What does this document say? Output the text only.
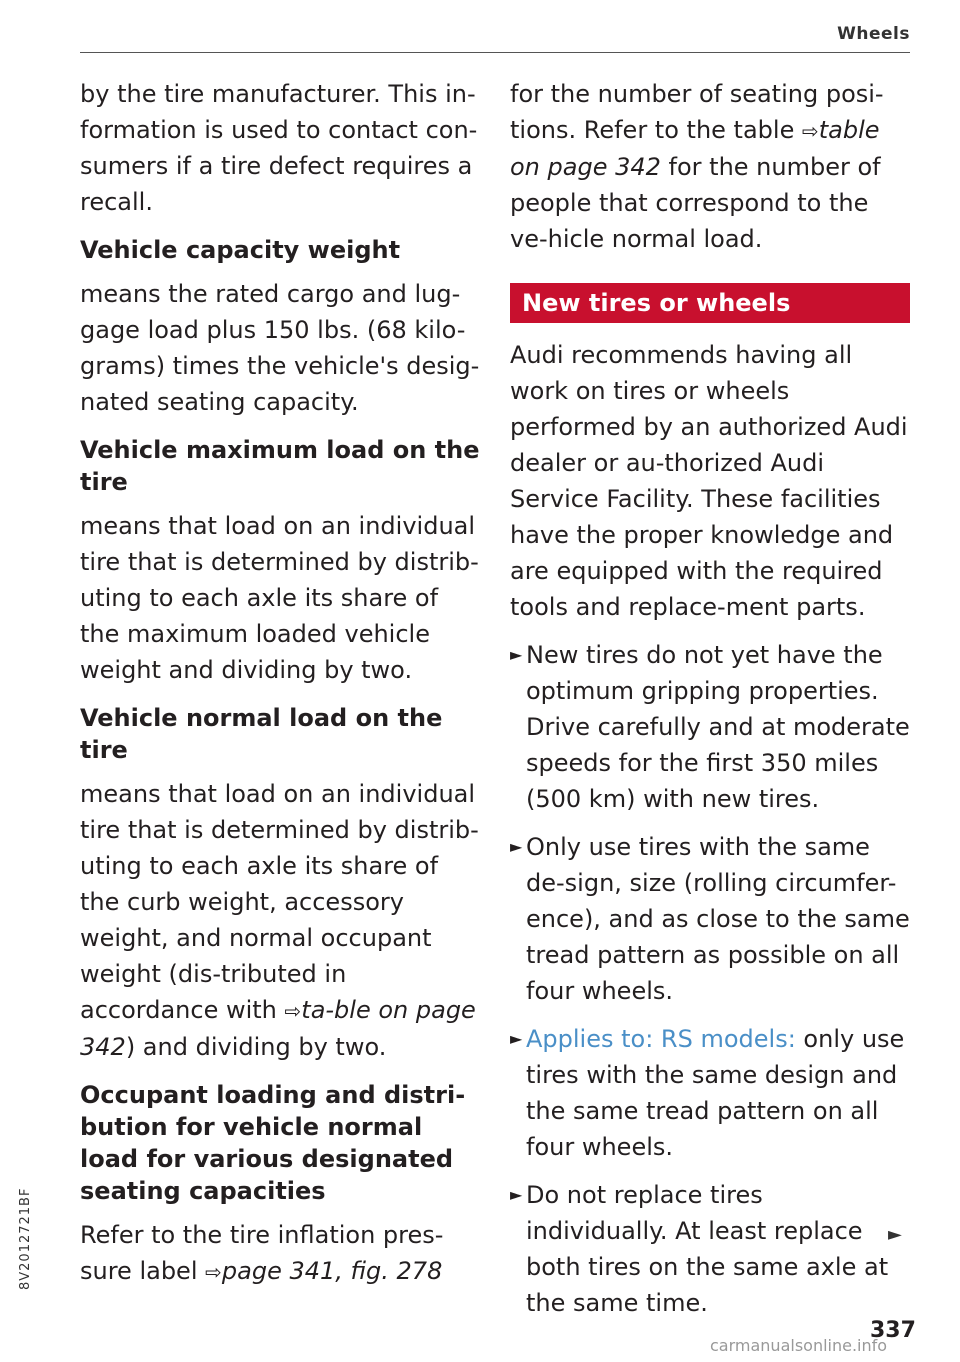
Wheels

by the tire manufacturer. This in-formation is used to contact con-sumers if a tire defect requires a recall.

Vehicle capacity weight

means the rated cargo and lug-gage load plus 150 lbs. (68 kilo-grams) times the vehicle's desig-nated seating capacity.

Vehicle maximum load on the tire

means that load on an individual tire that is determined by distrib-uting to each axle its share of the maximum loaded vehicle weight and dividing by two.

Vehicle normal load on the tire

means that load on an individual tire that is determined by distrib-uting to each axle its share of the curb weight, accessory weight, and normal occupant weight (dis-tributed in accordance with ⇨ta-ble on page 342) and dividing by two.

Occupant loading and distri-bution for vehicle normal load for various designated seating capacities

Refer to the tire inflation pres-sure label ⇨page 341, fig. 278

for the number of seating posi-tions. Refer to the table ⇨table on page 342 for the number of people that correspond to the ve-hicle normal load.

New tires or wheels

Audi recommends having all work on tires or wheels performed by an authorized Audi dealer or au-thorized Audi Service Facility. These facilities have the proper knowledge and are equipped with the required tools and replace-ment parts.

► New tires do not yet have the optimum gripping properties. Drive carefully and at moderate speeds for the first 350 miles (500 km) with new tires.
► Only use tires with the same de-sign, size (rolling circumfer-ence), and as close to the same tread pattern as possible on all four wheels.
► Applies to: RS models: only use tires with the same design and the same tread pattern on all four wheels.
► Do not replace tires individually. At least replace both tires on the same axle at the same time.
►
337
8V2012721BF
carmanualsonline.info
